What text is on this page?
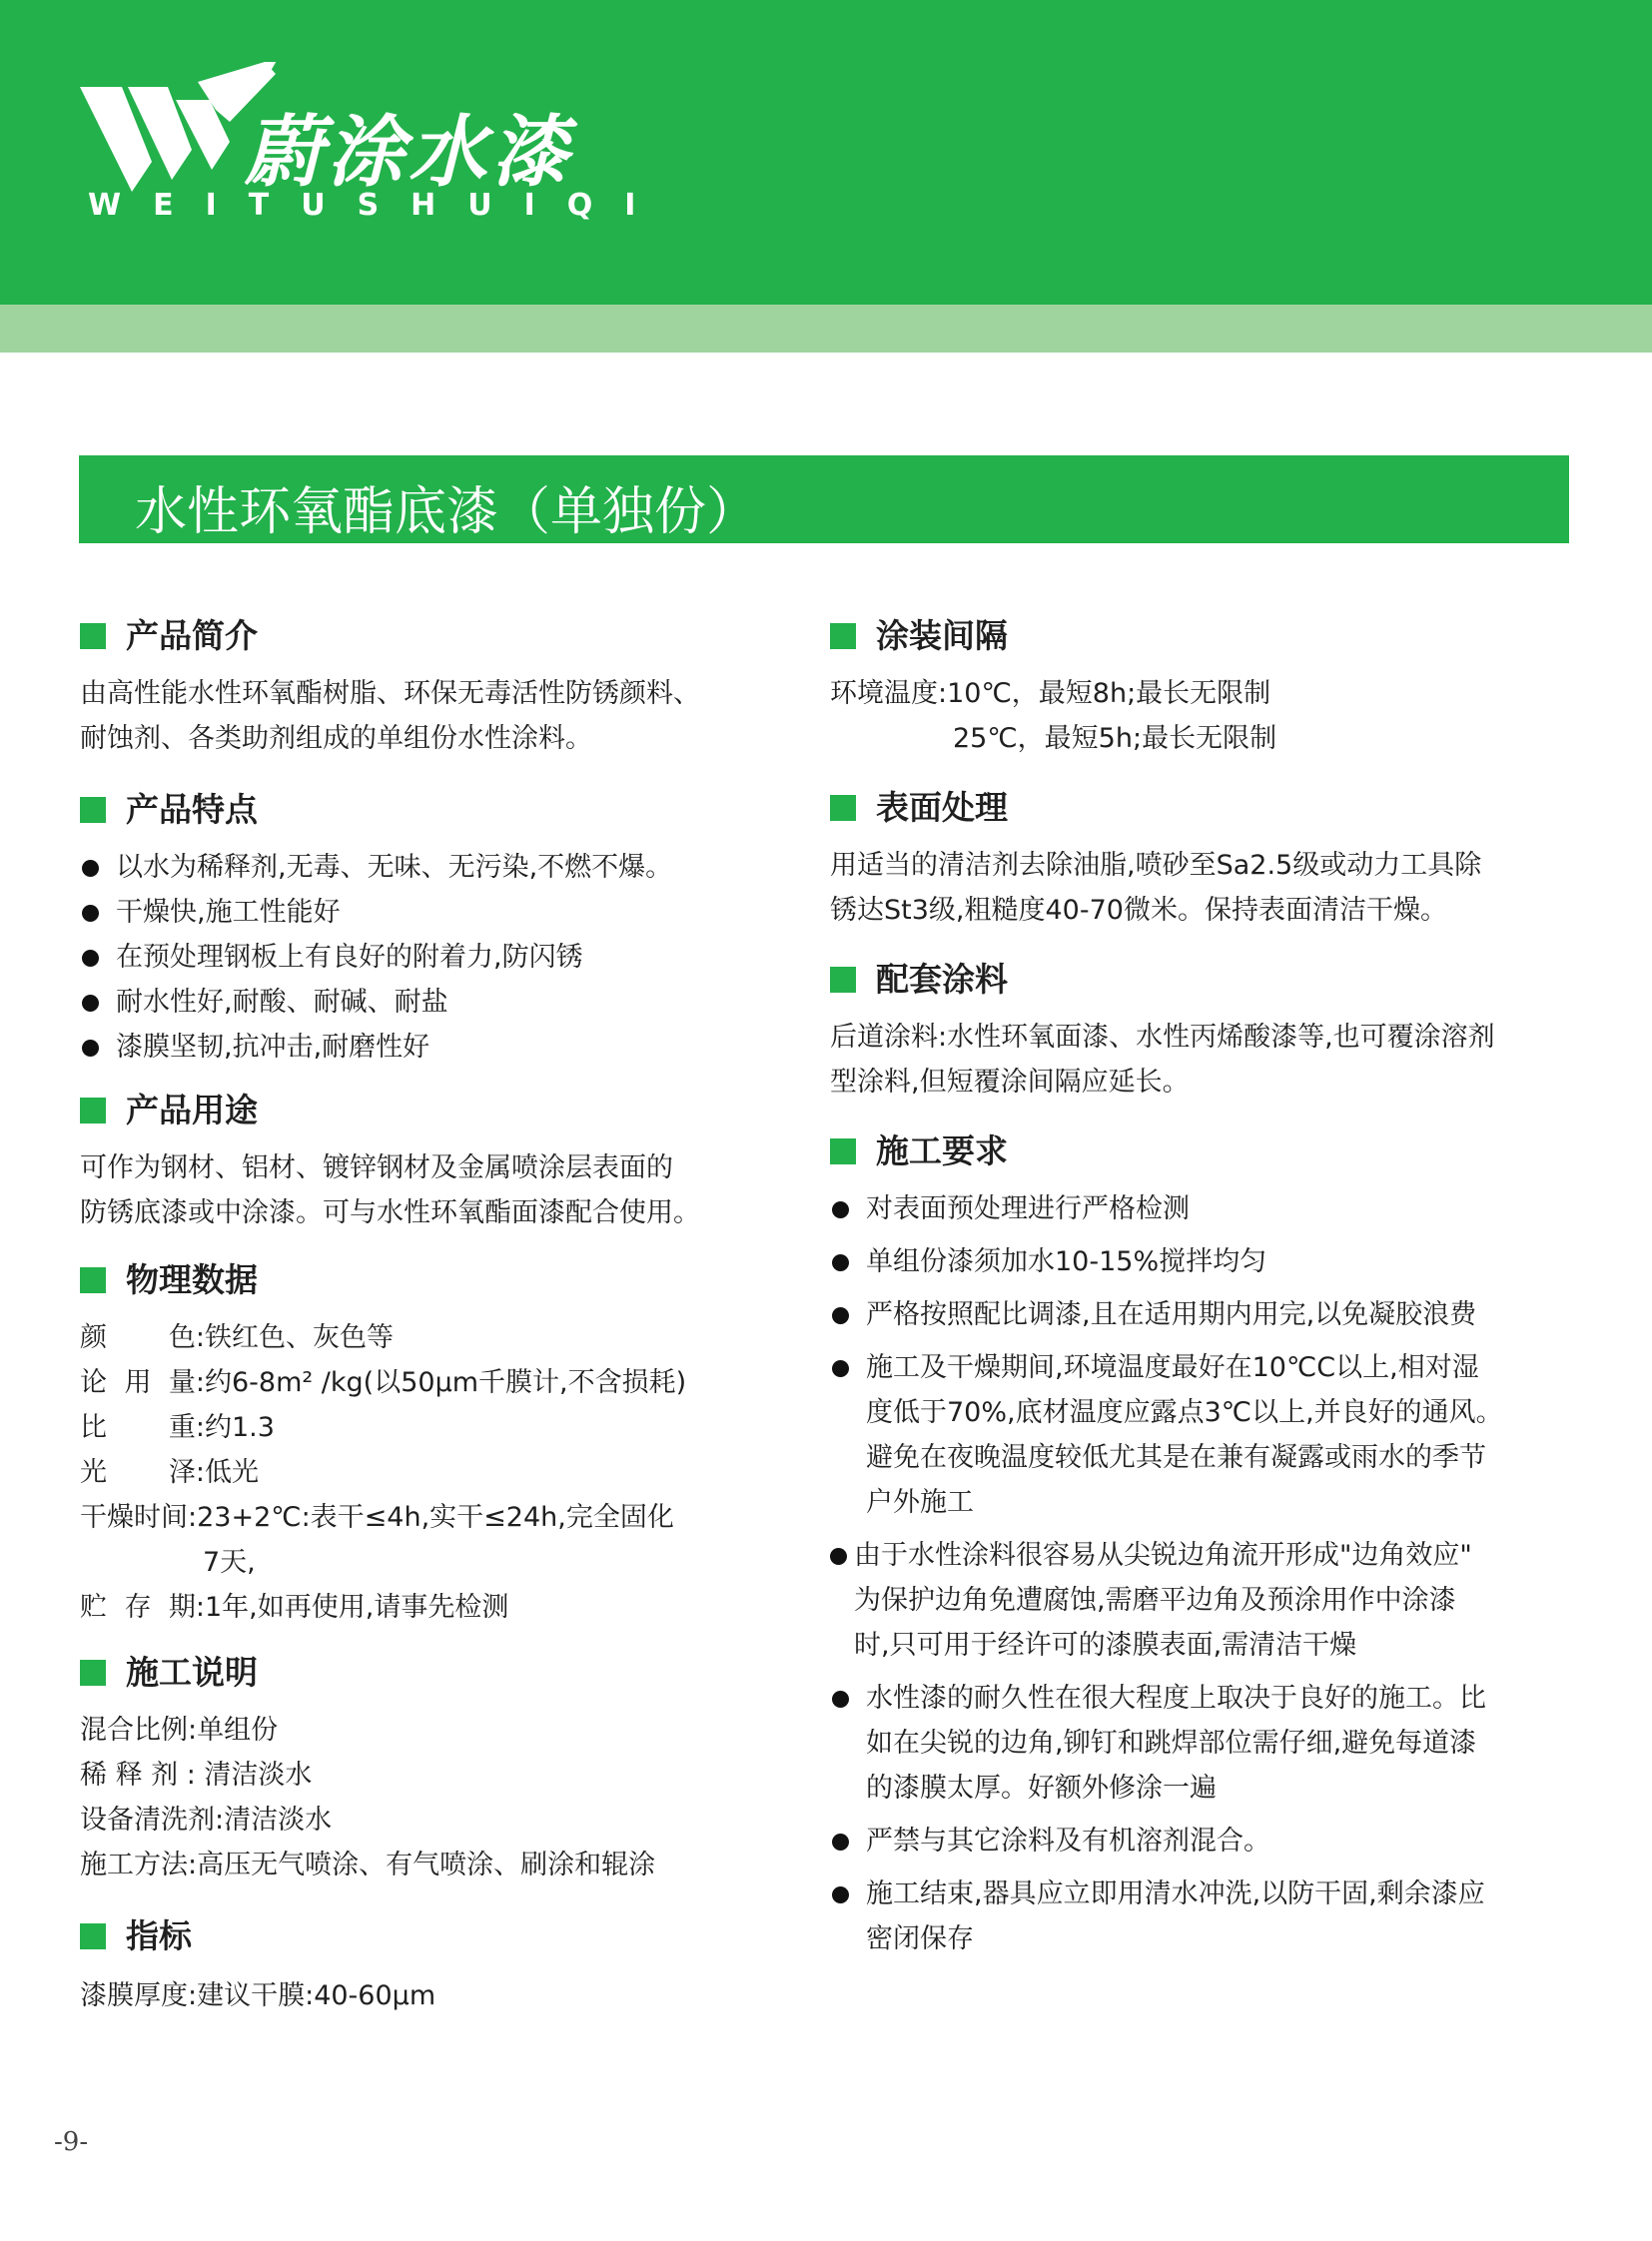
蔚涂水漆
WEITUSHUIQI
水性环氧酯底漆（单独份）
产品简介
由高性能水性环氧酯树脂、环保无毒活性防锈颜料、
耐蚀剂、各类助剂组成的单组份水性涂料。
产品特点
以水为稀释剂,无毒、无味、无污染,不燃不爆。
干燥快,施工性能好
在预处理钢板上有良好的附着力,防闪锈
耐水性好,耐酸、耐碱、耐盐
漆膜坚韧,抗冲击,耐磨性好
产品用途
可作为钢材、铝材、镀锌钢材及金属喷涂层表面的
防锈底漆或中涂漆。可与水性环氧酯面漆配合使用。
物理数据
颜 色: 铁红色、灰色等
论 用 量: 约6-8m² /kg(以50μm千膜计,不含损耗)
比 重: 约1.3
光 泽: 低光
干燥时间: 23+2℃:表干≤4h,实干≤24h,完全固化
7天,
贮 存 期: 1年,如再使用,请事先检测
施工说明
混合比例:单组份
稀 释 剂 : 清洁淡水
设备清洗剂:清洁淡水
施工方法:高压无气喷涂、有气喷涂、刷涂和辊涂
指标
漆膜厚度:建议干膜:40-60μm
涂装间隔
环境温度:10℃，最短8h;最长无限制
25℃，最短5h;最长无限制
表面处理
用适当的清洁剂去除油脂,喷砂至Sa2.5级或动力工具除
锈达St3级,粗糙度40-70微米。保持表面清洁干燥。
配套涂料
后道涂料:水性环氧面漆、水性丙烯酸漆等,也可覆涂溶剂
型涂料,但短覆涂间隔应延长。
施工要求
对表面预处理进行严格检测
单组份漆须加水10-15%搅拌均匀
严格按照配比调漆,且在适用期内用完,以免凝胶浪费
施工及干燥期间,环境温度最好在10℃C以上,相对湿
度低于70%,底材温度应露点3℃以上,并良好的通风。
避免在夜晚温度较低尤其是在兼有凝露或雨水的季节
户外施工
由于水性涂料很容易从尖锐边角流开形成"边角效应"
为保护边角免遭腐蚀,需磨平边角及预涂用作中涂漆
时,只可用于经许可的漆膜表面,需清洁干燥
水性漆的耐久性在很大程度上取决于良好的施工。比
如在尖锐的边角,铆钉和跳焊部位需仔细,避免每道漆
的漆膜太厚。好额外修涂一遍
严禁与其它涂料及有机溶剂混合。
施工结束,器具应立即用清水冲洗,以防干固,剩余漆应
密闭保存
-9-
